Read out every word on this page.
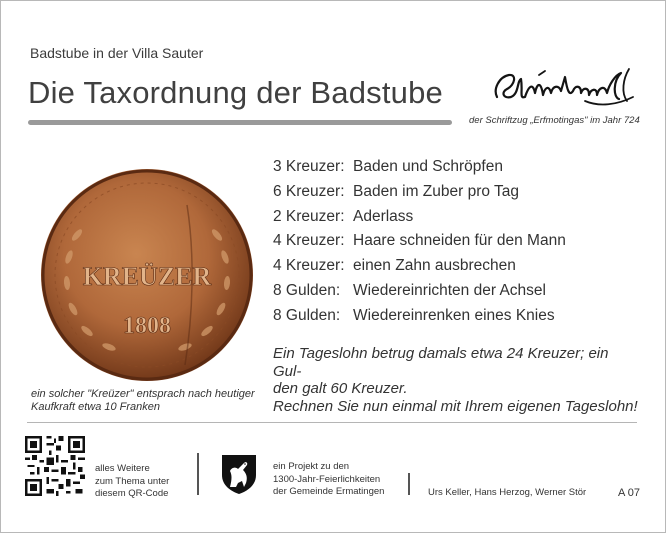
Badstube in der Villa Sauter
Die Taxordnung der Badstube
der Schriftzug „Erfmotingas" im Jahr 724
KREÜZER
1808
ein solcher "Kreüzer" entsprach nach heutiger
Kaufkraft etwa 10 Franken
3 Kreuzer: Baden und Schröpfen
6 Kreuzer: Baden im Zuber pro Tag
2 Kreuzer: Aderlass
4 Kreuzer: Haare schneiden für den Mann
4 Kreuzer: einen Zahn ausbrechen
8 Gulden: Wiedereinrichten der Achsel
8 Gulden: Wiedereinrenken eines Knies
Ein Tageslohn betrug damals etwa 24 Kreuzer; ein Gul-
den galt 60 Kreuzer.
Rechnen Sie nun einmal mit Ihrem eigenen Tageslohn!
alles Weitere
zum Thema unter
diesem QR-Code
ein Projekt zu den
1300-Jahr-Feierlichkeiten
der Gemeinde Ermatingen	Urs Keller, Hans Herzog, Werner Stör	A 07
